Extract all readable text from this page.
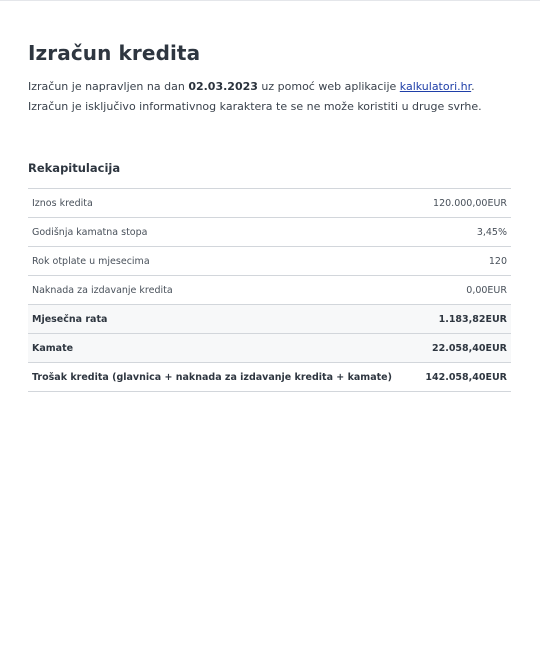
Izračun kredita
Izračun je napravljen na dan 02.03.2023 uz pomoć web aplikacije kalkulatori.hr.
Izračun je isključivo informativnog karaktera te se ne može koristiti u druge svrhe.
Rekapitulacija
Iznos kredita	120.000,00EUR
Godišnja kamatna stopa	3,45%
Rok otplate u mjesecima	120
Naknada za izdavanje kredita	0,00EUR
Mjesečna rata	1.183,82EUR
Kamate	22.058,40EUR
Trošak kredita (glavnica + naknada za izdavanje kredita + kamate)	142.058,40EUR
